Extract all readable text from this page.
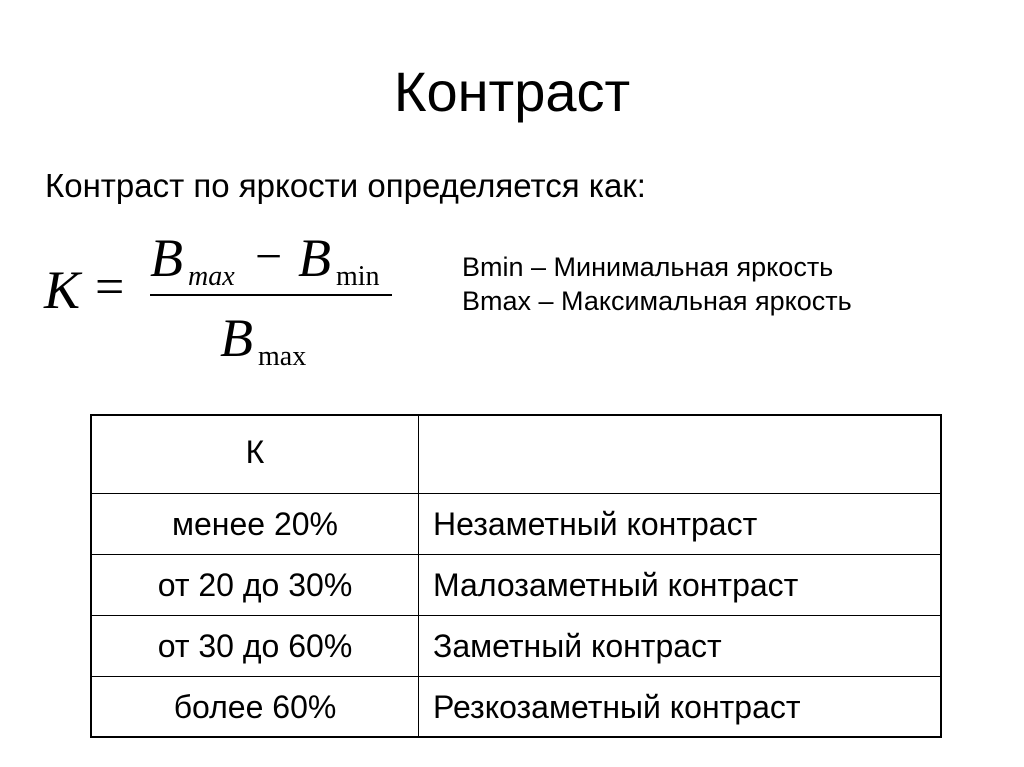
Контраст
Контраст по яркости определяется как:
K = B max − B min
B max
Bmin – Минимальная яркость
Bmax – Максимальная яркость
К
менее 20%	Незаметный контраст
от 20 до 30%	Малозаметный контраст
от 30 до 60%	Заметный контраст
более 60%	Резкозаметный контраст
